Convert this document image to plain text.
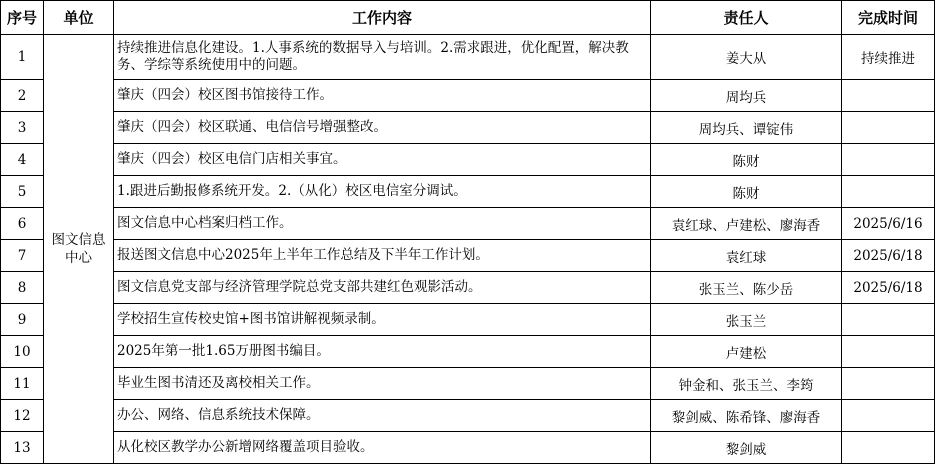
序号	单位	工作内容	责任人	完成时间
1	图文信息中心	持续推进信息化建设。1.人事系统的数据导入与培训。2.需求跟进，优化配置，解决教务、学综等系统使用中的问题。	姜大从	持续推进
2		肇庆（四会）校区图书馆接待工作。	周均兵	
3		肇庆（四会）校区联通、电信信号增强整改。	周均兵、谭锭伟	
4		肇庆（四会）校区电信门店相关事宜。	陈财	
5		1.跟进后勤报修系统开发。2.（从化）校区电信室分调试。	陈财	
6		图文信息中心档案归档工作。	袁红球、卢建松、廖海香	2025/6/16
7		报送图文信息中心2025年上半年工作总结及下半年工作计划。	袁红球	2025/6/18
8		图文信息党支部与经济管理学院总党支部共建红色观影活动。	张玉兰、陈少岳	2025/6/18
9		学校招生宣传校史馆+图书馆讲解视频录制。	张玉兰	
10		2025年第一批1.65万册图书编目。	卢建松	
11		毕业生图书清还及离校相关工作。	钟金和、张玉兰、李筠	
12		办公、网络、信息系统技术保障。	黎剑威、陈希锋、廖海香	
13		从化校区教学办公新增网络覆盖项目验收。	黎剑威	
